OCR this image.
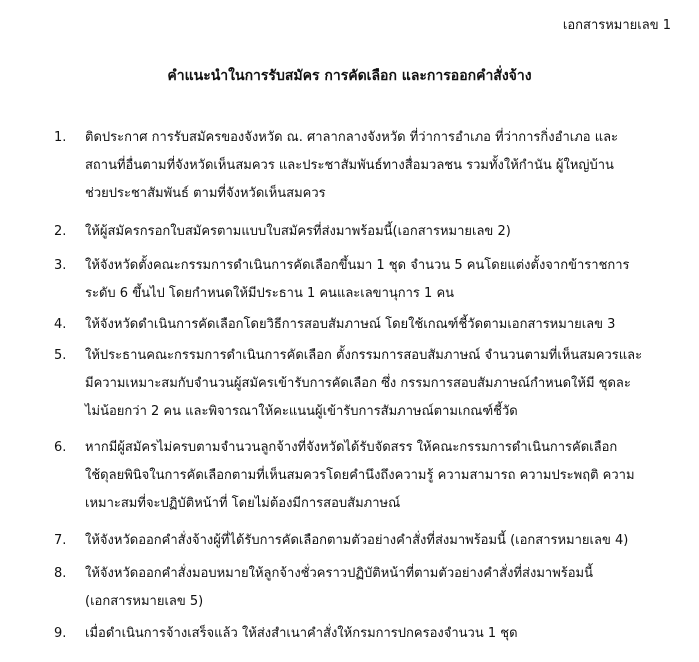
เอกสารหมายเลข 1
คำแนะนำในการรับสมัคร การคัดเลือก และการออกคำสั่งจ้าง
1. ติดประกาศ การรับสมัครของจังหวัด ณ. ศาลากลางจังหวัด ที่ว่าการอำเภอ ที่ว่าการกิ่งอำเภอ และ
สถานที่อื่นตามที่จังหวัดเห็นสมควร และประชาสัมพันธ์ทางสื่อมวลชน รวมทั้งให้กำนัน ผู้ใหญ่บ้าน
ช่วยประชาสัมพันธ์ ตามที่จังหวัดเห็นสมควร
2. ให้ผู้สมัครกรอกใบสมัครตามแบบใบสมัครที่ส่งมาพร้อมนี้(เอกสารหมายเลข 2)
3. ให้จังหวัดตั้งคณะกรรมการดำเนินการคัดเลือกขึ้นมา 1 ชุด จำนวน 5 คนโดยแต่งตั้งจากข้าราชการ
ระดับ 6 ขึ้นไป โดยกำหนดให้มีประธาน 1 คนและเลขานุการ 1 คน
4. ให้จังหวัดดำเนินการคัดเลือกโดยวิธีการสอบสัมภาษณ์ โดยใช้เกณฑ์ชี้วัดตามเอกสารหมายเลข 3
5. ให้ประธานคณะกรรมการดำเนินการคัดเลือก ตั้งกรรมการสอบสัมภาษณ์ จำนวนตามที่เห็นสมควรและ
มีความเหมาะสมกับจำนวนผู้สมัครเข้ารับการคัดเลือก ซึ่ง กรรมการสอบสัมภาษณ์กำหนดให้มี ชุดละ
ไม่น้อยกว่า 2 คน และพิจารณาให้คะแนนผู้เข้ารับการสัมภาษณ์ตามเกณฑ์ชี้วัด
6. หากมีผู้สมัครไม่ครบตามจำนวนลูกจ้างที่จังหวัดได้รับจัดสรร ให้คณะกรรมการดำเนินการคัดเลือก
ใช้ดุลยพินิจในการคัดเลือกตามที่เห็นสมควรโดยคำนึงถึงความรู้ ความสามารถ ความประพฤติ ความ
เหมาะสมที่จะปฏิบัติหน้าที่ โดยไม่ต้องมีการสอบสัมภาษณ์
7. ให้จังหวัดออกคำสั่งจ้างผู้ที่ได้รับการคัดเลือกตามตัวอย่างคำสั่งที่ส่งมาพร้อมนี้ (เอกสารหมายเลข 4)
8. ให้จังหวัดออกคำสั่งมอบหมายให้ลูกจ้างชั่วคราวปฏิบัติหน้าที่ตามตัวอย่างคำสั่งที่ส่งมาพร้อมนี้
(เอกสารหมายเลข 5)
9. เมื่อดำเนินการจ้างเสร็จแล้ว ให้ส่งสำเนาคำสั่งให้กรมการปกครองจำนวน 1 ชุด
